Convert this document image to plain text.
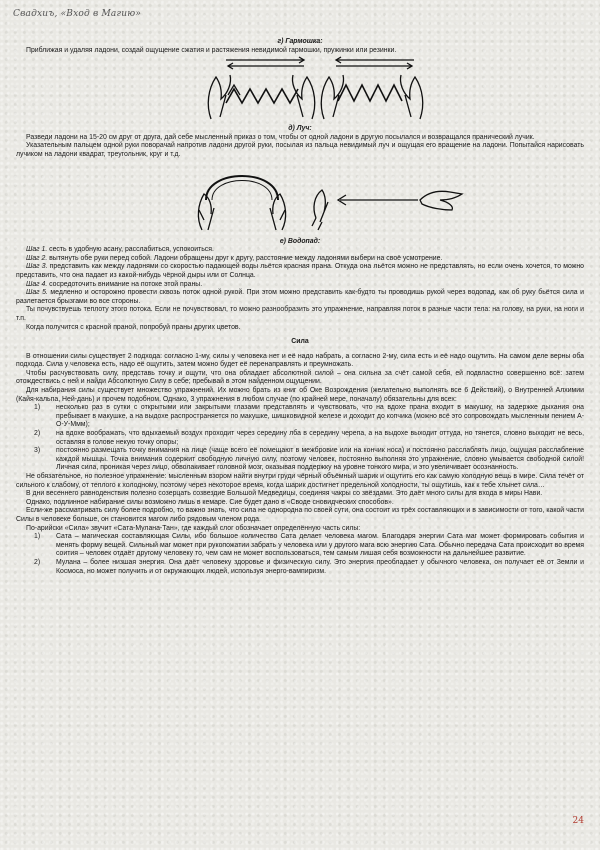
Свадхиъ, «Вход в Магию»

г) Гармошка:

Приближая и удаляя ладони, создай ощущение сжатия и растяжения невидимой гармошки, пружинки или резинки.

д) Луч:

Разведи ладони на 15-20 см друг от друга, дай себе мысленный приказ о том, чтобы от одной ладони в другую посылался и возвращался пранический лучик.

Указательным пальцем одной руки поворачай напротив ладони другой руки, посылая из пальца невидимый луч и ощущая его вращение на ладони. Попытайся нарисовать лучиком на ладони квадрат, треугольник, круг и т.д.

е) Водопад:

Шаг 1. сесть в удобную асану, расслабиться, успокоиться.

Шаг 2. вытянуть обе руки перед собой. Ладони обращены друг к другу, расстояние между ладонями выбери на своё усмотрение.

Шаг 3. представить как между ладонями со скоростью падающей воды льётся красная прана. Откуда она льётся можно не представлять, но если очень хочется, то можно представить, что она падает из какой-нибудь чёрной дыры или от Солнца.

Шаг 4. сосредоточить внимание на потоке этой праны.

Шаг 5. медленно и осторожно провести сквозь поток одной рукой. При этом можно представить как-будто ты проводишь рукой через водопад, как об руку бьётся сила и разлетается брызгами во все стороны.

Ты почувствуешь теплоту этого потока. Если не почувствовал, то можно разнообразить это упражнение, направляя поток в разные части тела: на голову, на руки, на ноги и т.п.

Когда получится с красной праной, попробуй праны других цветов.

Сила

В отношении силы существует 2 подхода: согласно 1-му, силы у человека нет и её надо набрать, а согласно 2-му, сила есть и её надо ощутить. На самом деле верны оба подхода. Сила у человека есть, надо её ощутить, затем можно будет её перенаправлять и преумножать.

Чтобы расчувствовать силу, представь точку и ощути, что она обладает абсолютной силой – она сильна за счёт самой себя, ей подвластно совершенно всё: затем отождествись с ней и найди Абсолютную Силу в себе; пребывай в этом найденном ощущении.

Для набирания силы существует множество упражнений. Их можно брать из книг об Оке Возрождения (желательно выполнять все 6 Действий), о Внутренней Алхимии (Кайя-кальпа, Ней-дань) и прочем подобном. Однако, 3 упражнения в любом случае (по крайней мере, поначалу) обязательны для всех:

1) несколько раз в сутки с открытыми или закрытыми глазами представлять и чувствовать, что на вдохе прана входит в макушку, на задержке дыхания она пребывает в макушке, а на выдохе распространяется по макушке, шишковидной железе и доходит до копчика (можно всё это сопровождать мысленным пением А-О-У-Ммм);
2) на вдохе воображать, что вдыхаемый воздух проходит через середину лба в середину черепа, а на выдохе выходит оттуда, но тянется, словно выходит не весь, оставляя в голове некую точку опоры;
3) постоянно размещать точку внимания на лице (чаще всего её помещают в межбровие или на кончик носа) и постоянно расслаблять лицо, ощущая расслабление каждой мышцы. Точка внимания содержит свободную личную силу, поэтому человек, постоянно выполняя это упражнение, словно умывается свободной силой! Личная сила, проникая через лицо, обволакивает головной мозг, оказывая поддержку на уровне тонкого мира, и это увеличивает осознанность.

Не обязательное, но полезное упражнение: мысленным взором найти внутри груди чёрный объёмный шарик и ощутить его как самую холодную вещь в мире. Сила течёт от сильного к слабому, от теплого к холодному, поэтому через некоторое время, когда шарик достигнет предельной холодности, ты ощутишь, как к тебе хлынет сила…

В дни весеннего равноденствия полезно созерцать созвездие Большой Медведицы, соединяя чакры со звёздами. Это даёт много силы для входа в миры Нави.

Однако, подлинное набирание силы возможно лишь в кемаре. Сие будет дано в «Своде сновидческих способов».

Если-же рассматривать силу более подробно, то важно знать, что сила не однородна по своей сути, она состоит из трёх составляющих и в зависимости от того, какой части Силы в человеке больше, он становится магом либо рядовым членом рода.

По-арийски «Сила» звучит «Сата-Мулана-Тан», где каждый слог обозначает определённую часть силы:

1) Сата – магическая составляющая Силы, ибо большое количество Сата делает человека магом. Благодаря энергии Сата маг может формировать события и менять форму вещей. Сильный маг может при рукопожатии забрать у человека или у другого мага всю энергию Сата. Обычно передача Сата происходит во время соития – человек отдаёт другому человеку то, чем сам не может воспользоваться, тем самым лишая себя возможности на дальнейшее развитие.
2) Мулана – более низшая энергия. Она даёт человеку здоровье и физическую силу. Это энергия преобладает у обычного человека, он получает её от Земли и Космоса, но может получить и от окружающих людей, используя энерго-вампиризм.
24
